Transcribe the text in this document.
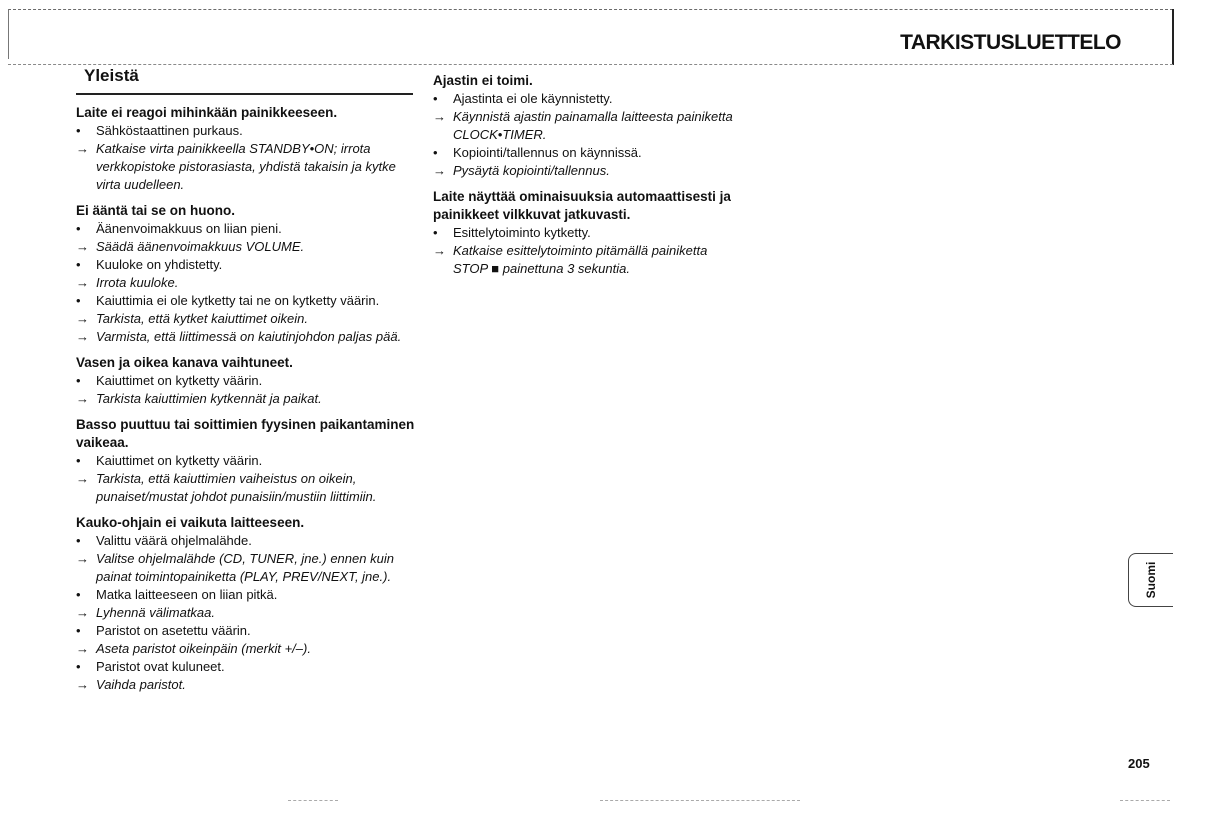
TARKISTUSLUETTELO
Yleistä

Laite ei reagoi mihinkään painikkeeseen.

•	Sähköstaattinen purkaus.
→ Katkaise virta painikkeella STANDBY•ON; irrota
verkkopistoke pistorasiasta, yhdistä takaisin ja kytke
virta uudelleen.

Ei ääntä tai se on huono.

•	Äänenvoimakkuus on liian pieni.
→ Säädä äänenvoimakkuus VOLUME.
•	Kuuloke on yhdistetty.
→ Irrota kuuloke.
•	Kaiuttimia ei ole kytketty tai ne on kytketty väärin.
→ Tarkista, että kytket kaiuttimet oikein.
→ Varmista, että liittimessä on kaiutinjohdon paljas pää.

Vasen ja oikea kanava vaihtuneet.

•	Kaiuttimet on kytketty väärin.
→ Tarkista kaiuttimien kytkennät ja paikat.

Basso puuttuu tai soittimien fyysinen paikantaminen vaikeaa.

•	Kaiuttimet on kytketty väärin.
→ Tarkista, että kaiuttimien vaiheistus on oikein,
punaiset/mustat johdot punaisiin/mustiin liittimiin.

Kauko-ohjain ei vaikuta laitteeseen.

•	Valittu väärä ohjelmalähde.
→ Valitse ohjelmalähde (CD, TUNER, jne.) ennen kuin
painat toimintopainiketta (PLAY, PREV/NEXT, jne.).
•	Matka laitteeseen on liian pitkä.
→ Lyhennä välimatkaa.
•	Paristot on asetettu väärin.
→ Aseta paristot oikeinpäin (merkit +/–).
•	Paristot ovat kuluneet.
→ Vaihda paristot.

Ajastin ei toimi.

•	Ajastinta ei ole käynnistetty.
→ Käynnistä ajastin painamalla laitteesta painiketta
CLOCK•TIMER.
•	Kopiointi/tallennus on käynnissä.
→ Pysäytä kopiointi/tallennus.

Laite näyttää ominaisuuksia automaattisesti ja painikkeet vilkkuvat jatkuvasti.

•	Esittelytoiminto kytketty.
→ Katkaise esittelytoiminto pitämällä painiketta
STOP ■ painettuna 3 sekuntia.
Suomi

205
